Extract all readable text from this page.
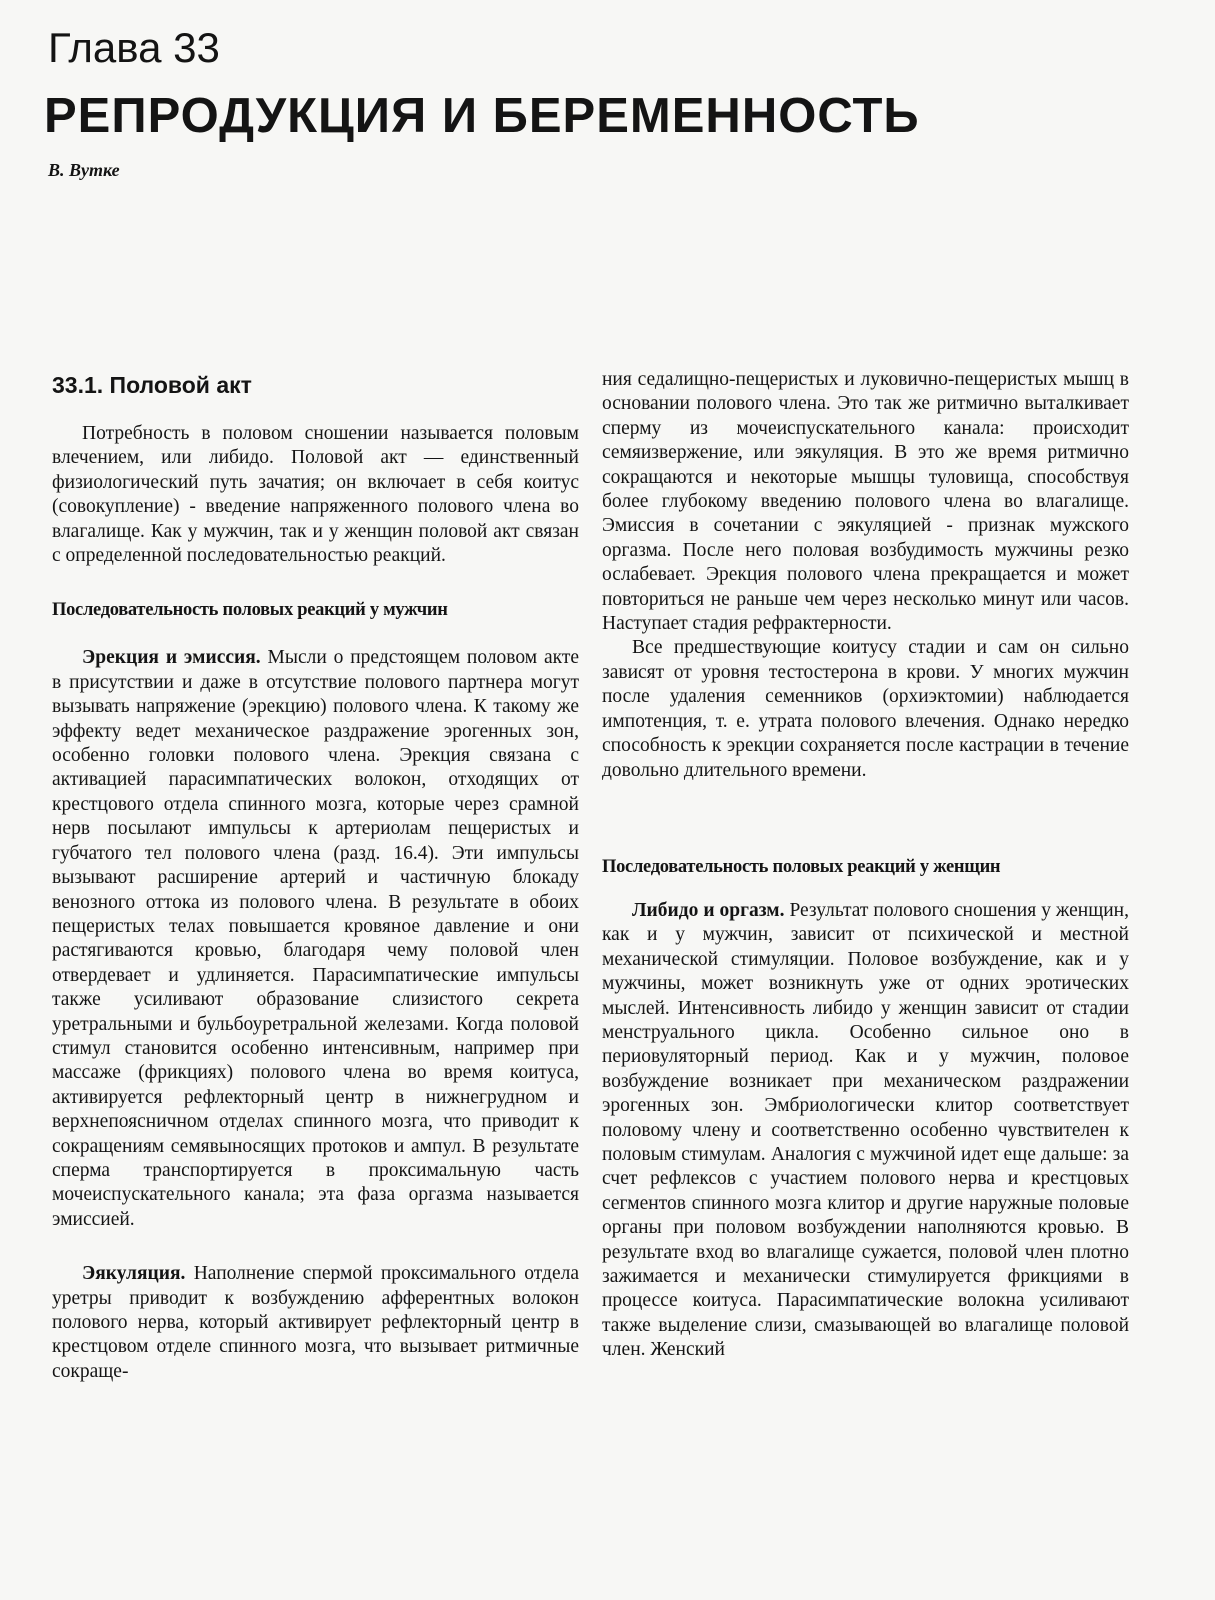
Глава 33
РЕПРОДУКЦИЯ И БЕРЕМЕННОСТЬ
В. Вутке
33.1. Половой акт

Потребность в половом сношении называется половым влечением, или либидо. Половой акт — единственный физиологический путь зачатия; он включает в себя коитус (совокупление) - введение напряженного полового члена во влагалище. Как у мужчин, так и у женщин половой акт связан с определенной последовательностью реакций.

Последовательность половых реакций у мужчин

Эрекция и эмиссия. Мысли о предстоящем половом акте в присутствии и даже в отсутствие полового партнера могут вызывать напряжение (эрекцию) полового члена. К такому же эффекту ведет механическое раздражение эрогенных зон, особенно головки полового члена. Эрекция связана с активацией парасимпатических волокон, отходящих от крестцового отдела спинного мозга, которые через срамной нерв посылают импульсы к артериолам пещеристых и губчатого тел полового члена (разд. 16.4). Эти импульсы вызывают расширение артерий и частичную блокаду венозного оттока из полового члена. В результате в обоих пещеристых телах повышается кровяное давление и они растягиваются кровью, благодаря чему половой член отвердевает и удлиняется. Парасимпатические импульсы также усиливают образование слизистого секрета уретральными и бульбоуретральной железами. Когда половой стимул становится особенно интенсивным, например при массаже (фрикциях) полового члена во время коитуса, активируется рефлекторный центр в нижнегрудном и верхнепоясничном отделах спинного мозга, что приводит к сокращениям семявыносящих протоков и ампул. В результате сперма транспортируется в проксимальную часть мочеиспускательного канала; эта фаза оргазма называется эмиссией.

Эякуляция. Наполнение спермой проксимального отдела уретры приводит к возбуждению афферентных волокон полового нерва, который активирует рефлекторный центр в крестцовом отделе спинного мозга, что вызывает ритмичные сокраще-

ния седалищно-пещеристых и луковично-пещеристых мышц в основании полового члена. Это так же ритмично выталкивает сперму из мочеиспускательного канала: происходит семяизвержение, или эякуляция. В это же время ритмично сокращаются и некоторые мышцы туловища, способствуя более глубокому введению полового члена во влагалище. Эмиссия в сочетании с эякуляцией - признак мужского оргазма. После него половая возбудимость мужчины резко ослабевает. Эрекция полового члена прекращается и может повториться не раньше чем через несколько минут или часов. Наступает стадия рефрактерности.

Все предшествующие коитусу стадии и сам он сильно зависят от уровня тестостерона в крови. У многих мужчин после удаления семенников (орхиэктомии) наблюдается импотенция, т. е. утрата полового влечения. Однако нередко способность к эрекции сохраняется после кастрации в течение довольно длительного времени.

Последовательность половых реакций у женщин

Либидо и оргазм. Результат полового сношения у женщин, как и у мужчин, зависит от психической и местной механической стимуляции. Половое возбуждение, как и у мужчины, может возникнуть уже от одних эротических мыслей. Интенсивность либидо у женщин зависит от стадии менструального цикла. Особенно сильное оно в периовуляторный период. Как и у мужчин, половое возбуждение возникает при механическом раздражении эрогенных зон. Эмбриологически клитор соответствует половому члену и соответственно особенно чувствителен к половым стимулам. Аналогия с мужчиной идет еще дальше: за счет рефлексов с участием полового нерва и крестцовых сегментов спинного мозга клитор и другие наружные половые органы при половом возбуждении наполняются кровью. В результате вход во влагалище сужается, половой член плотно зажимается и механически стимулируется фрикциями в процессе коитуса. Парасимпатические волокна усиливают также выделение слизи, смазывающей во влагалище половой член. Женский
